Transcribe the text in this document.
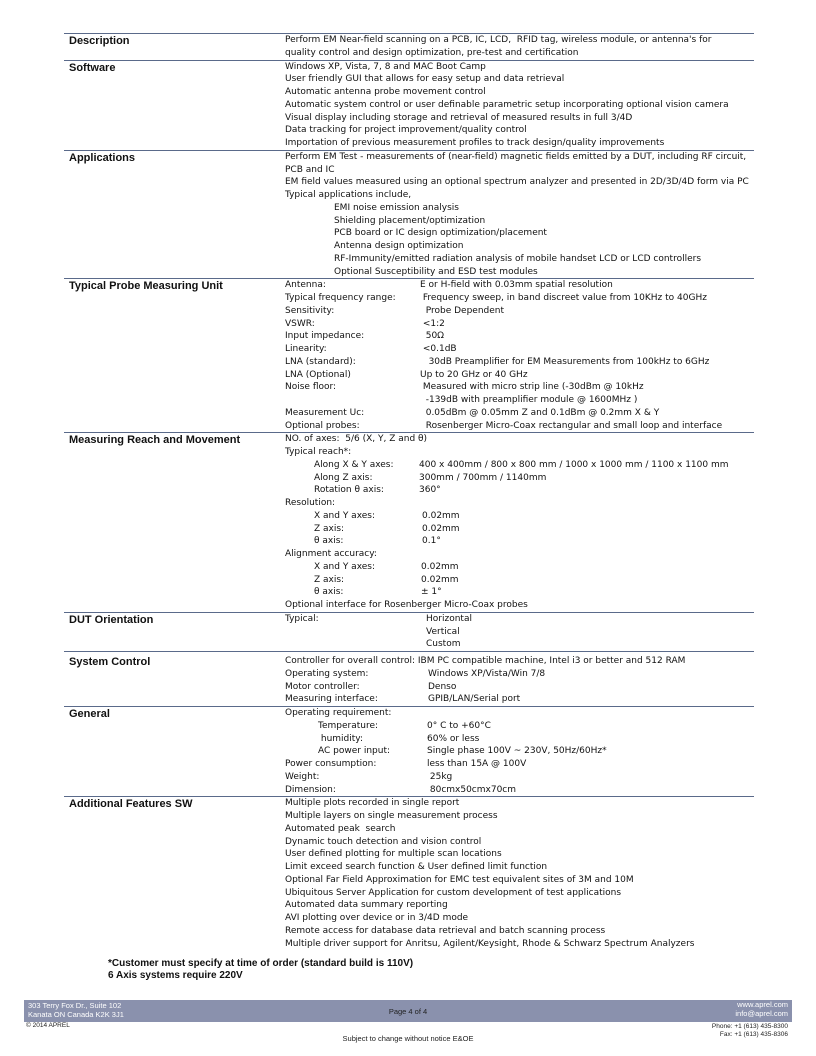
Description	Perform EM Near-field scanning on a PCB, IC, LCD,  RFID tag, wireless module, or antenna's for
quality control and design optimization, pre-test and certification
Software	Windows XP, Vista, 7, 8 and MAC Boot Camp
User friendly GUI that allows for easy setup and data retrieval
Automatic antenna probe movement control
Automatic system control or user definable parametric setup incorporating optional vision camera
Visual display including storage and retrieval of measured results in full 3/4D
Data tracking for project improvement/quality control
Importation of previous measurement profiles to track design/quality improvements
Applications	Perform EM Test - measurements of (near-field) magnetic fields emitted by a DUT, including RF circuit,
PCB and IC
EM field values measured using an optional spectrum analyzer and presented in 2D/3D/4D form via PC
Typical applications include,
EMI noise emission analysis
Shielding placement/optimization
PCB board or IC design optimization/placement
Antenna design optimization
RF-Immunity/emitted radiation analysis of mobile handset LCD or LCD controllers
Optional Susceptibility and ESD test modules
Typical Probe Measuring Unit	Antenna:	E or H-field with 0.03mm spatial resolution
Typical frequency range:	Frequency sweep, in band discreet value from 10KHz to 40GHz
Sensitivity:	Probe Dependent
VSWR:	<1:2
Input impedance:	50Ω
Linearity:	<0.1dB
LNA (standard):	30dB Preamplifier for EM Measurements from 100kHz to 6GHz
LNA (Optional)	Up to 20 GHz or 40 GHz
Noise floor:	Measured with micro strip line (-30dBm @ 10kHz
-139dB with preamplifier module @ 1600MHz )
Measurement Uc:	0.05dBm @ 0.05mm Z and 0.1dBm @ 0.2mm X & Y
Optional probes:	Rosenberger Micro-Coax rectangular and small loop and interface
Measuring Reach and Movement	NO. of axes:  5/6 (X, Y, Z and θ)
Typical reach*:
Along X & Y axes:	400 x 400mm / 800 x 800 mm / 1000 x 1000 mm / 1100 x 1100 mm
Along Z axis:	300mm / 700mm / 1140mm
Rotation θ axis:	360°
Resolution:
X and Y axes:	0.02mm
Z axis:	0.02mm
θ axis:	0.1°
Alignment accuracy:
X and Y axes:	0.02mm
Z axis:	0.02mm
θ axis:	± 1°
Optional interface for Rosenberger Micro-Coax probes
DUT Orientation	Typical:	Horizontal
Vertical
Custom
System Control	Controller for overall control: IBM PC compatible machine, Intel i3 or better and 512 RAM
Operating system:	Windows XP/Vista/Win 7/8
Motor controller:	Denso
Measuring interface:	GPIB/LAN/Serial port
General	Operating requirement:
Temperature:	0° C to +60°C
humidity:	60% or less
AC power input:	Single phase 100V ~ 230V, 50Hz/60Hz*
Power consumption:	less than 15A @ 100V
Weight:	25kg
Dimension:	80cmx50cmx70cm
Additional Features SW	Multiple plots recorded in single report
Multiple layers on single measurement process
Automated peak  search
Dynamic touch detection and vision control
User defined plotting for multiple scan locations
Limit exceed search function & User defined limit function
Optional Far Field Approximation for EMC test equivalent sites of 3M and 10M
Ubiquitous Server Application for custom development of test applications
Automated data summary reporting
AVI plotting over device or in 3/4D mode
Remote access for database data retrieval and batch scanning process
Multiple driver support for Anritsu, Agilent/Keysight, Rhode & Schwarz Spectrum Analyzers
*Customer must specify at time of order (standard build is 110V)
6 Axis systems require 220V
303 Terry Fox Dr., Suite 102
Kanata ON Canada K2K 3J1	Page 4 of 4
www.aprel.com
info@aprel.com
© 2014 APREL	Phone: +1 (613) 435-8300
Fax: +1 (613) 435-8306
Subject to change without notice E&OE
